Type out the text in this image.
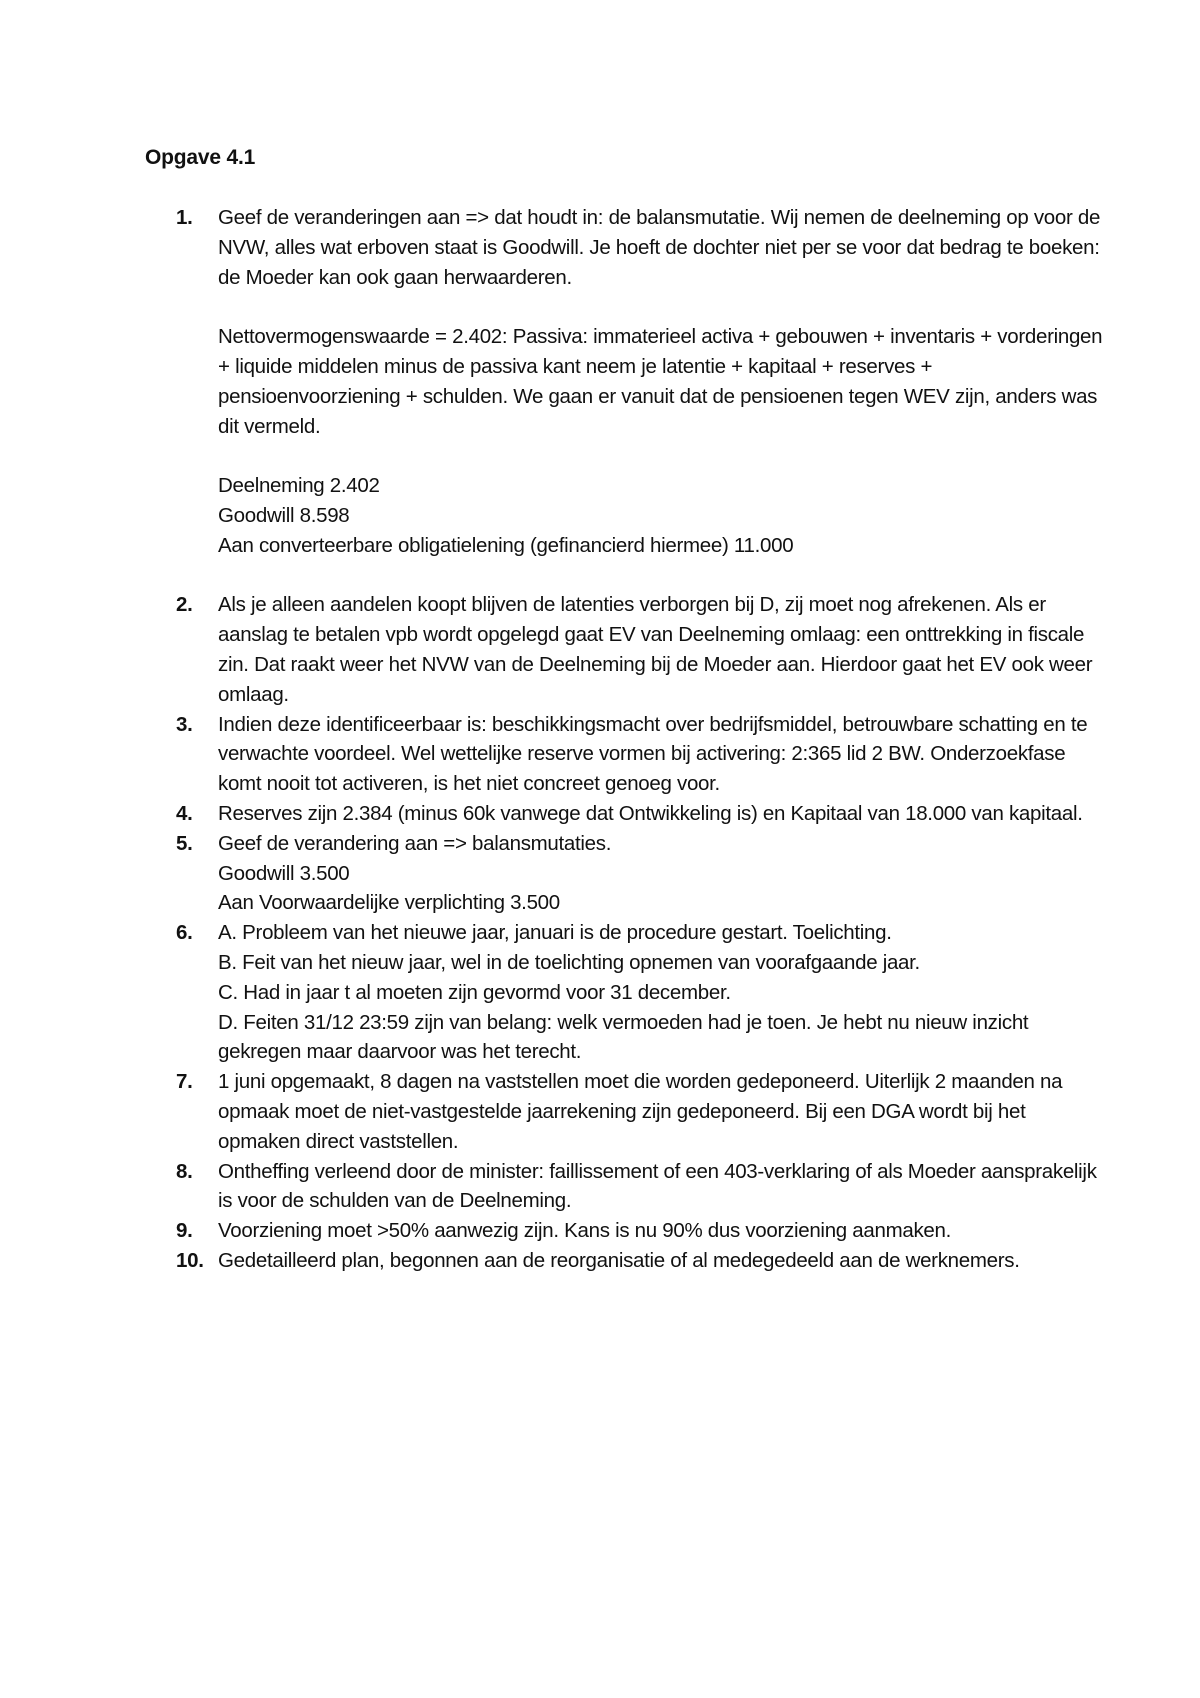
Opgave 4.1
1. Geef de veranderingen aan => dat houdt in: de balansmutatie. Wij nemen de deelneming op voor de NVW, alles wat erboven staat is Goodwill. Je hoeft de dochter niet per se voor dat bedrag te boeken: de Moeder kan ook gaan herwaarderen.
Nettovermogenswaarde = 2.402: Passiva: immaterieel activa + gebouwen + inventaris + vorderingen + liquide middelen minus de passiva kant neem je latentie + kapitaal + reserves + pensioenvoorziening + schulden. We gaan er vanuit dat de pensioenen tegen WEV zijn, anders was dit vermeld.
Deelneming 2.402
Goodwill 8.598
Aan converteerbare obligatielening (gefinancierd hiermee) 11.000
2. Als je alleen aandelen koopt blijven de latenties verborgen bij D, zij moet nog afrekenen. Als er aanslag te betalen vpb wordt opgelegd gaat EV van Deelneming omlaag: een onttrekking in fiscale zin. Dat raakt weer het NVW van de Deelneming bij de Moeder aan. Hierdoor gaat het EV ook weer omlaag.
3. Indien deze identificeerbaar is: beschikkingsmacht over bedrijfsmiddel, betrouwbare schatting en te verwachte voordeel. Wel wettelijke reserve vormen bij activering: 2:365 lid 2 BW. Onderzoekfase komt nooit tot activeren, is het niet concreet genoeg voor.
4. Reserves zijn 2.384 (minus 60k vanwege dat Ontwikkeling is) en Kapitaal van 18.000 van kapitaal.
5. Geef de verandering aan => balansmutaties.
Goodwill 3.500
Aan Voorwaardelijke verplichting 3.500
6. A. Probleem van het nieuwe jaar, januari is de procedure gestart. Toelichting.
B. Feit van het nieuw jaar, wel in de toelichting opnemen van voorafgaande jaar.
C. Had in jaar t al moeten zijn gevormd voor 31 december.
D. Feiten 31/12 23:59 zijn van belang: welk vermoeden had je toen. Je hebt nu nieuw inzicht gekregen maar daarvoor was het terecht.
7. 1 juni opgemaakt, 8 dagen na vaststellen moet die worden gedeponeerd. Uiterlijk 2 maanden na opmaak moet de niet-vastgestelde jaarrekening zijn gedeponeerd. Bij een DGA wordt bij het opmaken direct vaststellen.
8. Ontheffing verleend door de minister: faillissement of een 403-verklaring of als Moeder aansprakelijk is voor de schulden van de Deelneming.
9. Voorziening moet >50% aanwezig zijn. Kans is nu 90% dus voorziening aanmaken.
10. Gedetailleerd plan, begonnen aan de reorganisatie of al medegedeeld aan de werknemers.
